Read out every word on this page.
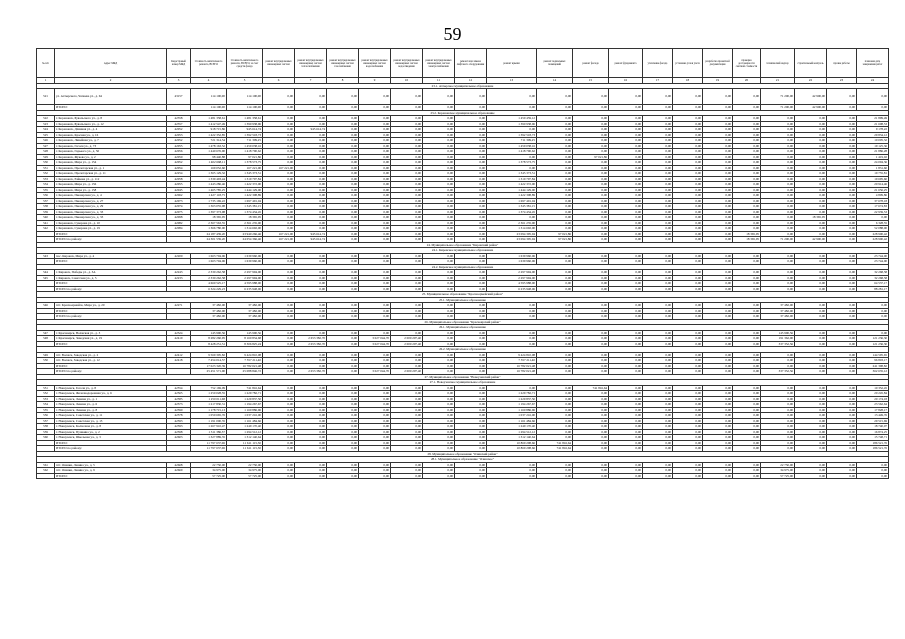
59
№ п/п	Адрес МКД	Кадастровый номер МКД	Стоимость капитального ремонта, ВСЕГО	Стоимость капитального ремонта, ВСЕГО, за счет средств фонда	ремонт внутридомовых инженерных систем	ремонт внутридомовых инженерных систем теплоснабжения	ремонт внутридомовых инженерных систем газоснабжения	ремонт внутридомовых инженерных систем водоснабжения	ремонт внутридомовых инженерных систем водоотведения	ремонт внутридомовых инженерных систем электроснабжения	ремонт или замена лифтового оборудования	ремонт крыши	ремонт подвальных помещений	ремонт фасада	ремонт фундамента	утепление фасада	установка узлов учета	разработка проектной документации	проверка достоверности сметной стоимости	технический надзор	строительный контроль	прочие работы	плановая дата завершения работ
1	2	3	4	5	6	7	8	9	10	11	12	13	14	15	16	17	18	19	20	21	22	23	24
23.1. Ахтырское муниципальное образование																							
521	ул. Ахтырского, Чапаева ул., д. 64	43157	114 100,00	114 100,00	0,00	0,00	0,00	0,00	0,00	0,00	0,00	0,00	0,00	0,00	0,00	0,00	0,00	0,00	0,00	71 200,00	42 900,00	0,00	0,00
	ИТОГО:		114 100,00	114 100,00	0,00	0,00	0,00	0,00	0,00	0,00	0,00	0,00	0,00	0,00	0,00	0,00	0,00	0,00	0,00	71 200,00	42 900,00	0,00	0,00
23.2. Кореновское муниципальное образование																							
522	г. Кореновск, Бувальского ул., д. 8	42358	1 481 358,61	1 481 358,61	0,00	0,00	0,00	0,00	0,00	0,00	0,00	1 459 459,12	0,00	0,00	0,00	0,00	0,00	0,00	0,00	0,00	0,00	0,00	21 899,49
523	г. Кореновск, Бувальского ул., д. 12	42357	1 412 547,49	1 390 938,96	0,00	0,00	0,00	0,00	0,00	0,00	0,00	1 390 938,96	0,00	0,00	0,00	0,00	0,00	0,00	0,00	0,00	0,00	0,00	21 608,53
524	г. Кореновск, Длинная ул., д. 4	42052	918 715,86	945 614,74	0,00	945 614,74	0,00	0,00	0,00	0,00	0,00	0,00	0,00	0,00	0,00	0,00	0,00	0,00	0,00	0,00	0,00	0,00	9 178,22
525	г. Кореновск, Красная ул., д. 16	42053	1 422 352,85	1 392 518,73	0,00	0,00	0,00	0,00	0,00	0,00	0,00	1 392 518,73	0,00	0,00	0,00	0,00	0,00	0,00	0,00	0,00	0,00	0,00	29 834,12
526	г. Кореновск, Линейная ул., д. 7	42052	721 314,54	711 309,25	0,00	0,00	0,00	0,00	0,00	0,00	0,00	711 309,25	0,00	0,00	0,00	0,00	0,00	0,00	0,00	0,00	0,00	0,00	10 005,32
527	г. Кореновск, Гоголя ул., д. 73	42055	1 478 163,52	1 459 038,16	0,00	0,00	0,00	0,00	0,00	0,00	0,00	1 459 038,16	0,00	0,00	0,00	0,00	0,00	0,00	0,00	0,00	0,00	0,00	19 125,36
528	г. Кореновск, Горького ул., д. 50	42056	1 440 676,90	1 418 790,62	0,00	0,00	0,00	0,00	0,00	0,00	0,00	1 418 790,62	0,00	0,00	0,00	0,00	0,00	0,00	0,00	0,00	0,00	0,00	21 886,28
529	г. Кореновск, Жукова ул., д. 2	42050	98 440,88	97 021,86	0,00	0,00	0,00	0,00	0,00	0,00	0,00	0,00	0,00	97 021,86	0,00	0,00	0,00	0,00	0,00	0,00	0,00	0,00	1 419,02
530	г. Кореновск, Мира ул., д. 154	42052	1 402 668,11	1 378 573,75	0,00	0,00	0,00	0,00	0,00	0,00	0,00	1 378 573,75	0,00	0,00	0,00	0,00	0,00	0,00	0,00	0,00	0,00	0,00	24 094,36
531	г. Кореновск, Пролетарская ул., д. 1	42054	169 052,60	167 221,00	167 221,00	0,00	0,00	0,00	0,00	0,00	0,00	0,00	0,00	0,00	0,00	0,00	0,00	0,00	0,00	0,00	0,00	0,00	1 831,60
532	г. Кореновск, Пролетарская ул., д. 11	42254	1 365 129,32	1 345 373,51	0,00	0,00	0,00	0,00	0,00	0,00	0,00	1 345 373,51	0,00	0,00	0,00	0,00	0,00	0,00	0,00	0,00	0,00	0,00	19 755,81
533	г. Кореновск, Райкова ул., д. 112	42058	1 339 493,44	1 319 797,84	0,00	0,00	0,00	0,00	0,00	0,00	0,00	1 319 797,84	0,00	0,00	0,00	0,00	0,00	0,00	0,00	0,00	0,00	0,00	19 695,60
534	г. Кореновск, Мира ул., д. 156	42055	1 443 286,46	1 422 372,00	0,00	0,00	0,00	0,00	0,00	0,00	0,00	1 422 372,00	0,00	0,00	0,00	0,00	0,00	0,00	0,00	0,00	0,00	0,00	20 914,46
535	г. Кореновск, Мира ул., д. 158	42045	1 465 785,25	1 444 129,00	0,00	0,00	0,00	0,00	0,00	0,00	0,00	1 444 129,00	0,00	0,00	0,00	0,00	0,00	0,00	0,00	0,00	0,00	0,00	21 656,25
536	г. Кореновск, Пионерская ул., д. 4	42062	1 427 118,75	1 422 308,89	0,00	0,00	0,00	0,00	0,00	0,00	0,00	1 422 308,89	0,00	0,00	0,00	0,00	0,00	0,00	0,00	0,00	0,00	0,00	4 809,86
537	г. Кореновск, Пионерская ул., д. 27	42073	1 735 169,22	1 697 491,04	0,00	0,00	0,00	0,00	0,00	0,00	0,00	1 697 491,04	0,00	0,00	0,00	0,00	0,00	0,00	0,00	0,00	0,00	0,00	37 678,18
538	г. Кореновск, Пионерская ул., д. 29	42074	1 363 055,98	1 345 381,15	0,00	0,00	0,00	0,00	0,00	0,00	0,00	1 345 381,15	0,00	0,00	0,00	0,00	0,00	0,00	0,00	0,00	0,00	0,00	17 674,83
539	г. Кореновск, Пионерская ул., д. 33	42075	1 397 373,98	1 374 434,45	0,00	0,00	0,00	0,00	0,00	0,00	0,00	1 374 434,45	0,00	0,00	0,00	0,00	0,00	0,00	0,00	0,00	0,00	0,00	22 939,53
540	г. Кореновск, Пионерская ул., д. 33	42098	18 365,95	18 365,95	0,00	0,00	0,00	0,00	0,00	0,00	0,00	0,00	0,00	0,00	0,00	0,00	0,00	0,00	0,00	0,00	18 365,95	0,00	0,00
541	г. Кореновск, Суворова ул., д. 10	42082	2 367 563,55	2 361 235,00	0,00	0,00	0,00	0,00	0,00	0,00	0,00	2 361 235,00	0,00	0,00	0,00	0,00	0,00	0,00	0,00	0,00	0,00	0,00	6 328,55
542	г. Кореновск, Суворова ул., д. 19	42084	1 366 780,00	1 314 692,00	0,00	0,00	0,00	0,00	0,00	0,00	0,00	1 314 692,00	0,00	0,00	0,00	0,00	0,00	0,00	0,00	0,00	0,00	0,00	52 088,00
	ИТОГО:		24 187 439,20	23 940 266,46	167 221,00	945 614,74	0,00	0,00	0,00	0,00	0,00	23 094 395,94	97 021,86	0,00	0,00	0,00	0,00	0,00	18 365,95	0,00	0,00	0,00	228 900,42
	ИТОГО по району:		24 301 539,20	24 054 366,46	167 221,00	945 614,74	0,00	0,00	0,00	0,00	0,00	23 094 395,94	97 021,86	0,00	0,00	0,00	0,00	0,00	18 365,95	71 200,00	42 900,00	0,00	228 900,42
24. Муниципальное образование "Кировский район"																							
24.1. Кировское муниципальное образование																							
543	пос. Кировск, Мира ул., д. 4	42200	1 663 704,06	1 639 960,06	0,00	0,00	0,00	0,00	0,00	0,00	0,00	1 639 960,06	0,00	0,00	0,00	0,00	0,00	0,00	0,00	0,00	0,00	0,00	23 744,00
	ИТОГО:		1 663 704,06	1 639 960,06	0,00	0,00	0,00	0,00	0,00	0,00	0,00	1 639 960,06	0,00	0,00	0,00	0,00	0,00	0,00	0,00	0,00	0,00	0,00	23 744,00
24.2. Кировское муниципальное образование																							
544	г. Кировск, Победы ул., д. 3А	42243	2 330 262,58	2 297 994,00	0,00	0,00	0,00	0,00	0,00	0,00	0,00	2 297 994,00	0,00	0,00	0,00	0,00	0,00	0,00	0,00	0,00	0,00	0,00	32 268,58
545	г. Кировск, Советская ул., д. 5	42233	2 330 262,58	2 297 994,00	0,00	0,00	0,00	0,00	0,00	0,00	0,00	2 297 994,00	0,00	0,00	0,00	0,00	0,00	0,00	0,00	0,00	0,00	0,00	32 268,58
	ИТОГО:		4 660 525,17	4 595 988,00	0,00	0,00	0,00	0,00	0,00	0,00	0,00	4 595 988,00	0,00	0,00	0,00	0,00	0,00	0,00	0,00	0,00	0,00	0,00	64 537,17
	ИТОГО по району:		6 324 229,23	6 235 948,06	0,00	0,00	0,00	0,00	0,00	0,00	0,00	6 235 948,06	0,00	0,00	0,00	0,00	0,00	0,00	0,00	0,00	0,00	0,00	88 281,17
25. Муниципальное образование "Красноармейский район"																							
25.1. Муниципальное образование																							
546	пгт. Красноармейск, Мира ул., д. 20	42271	37 482,00	37 482,00	0,00	0,00	0,00	0,00	0,00	0,00	0,00	0,00	0,00	0,00	0,00	0,00	0,00	0,00	0,00	37 482,00	0,00	0,00	0,00
	ИТОГО:		37 482,00	37 482,00	0,00	0,00	0,00	0,00	0,00	0,00	0,00	0,00	0,00	0,00	0,00	0,00	0,00	0,00	0,00	37 482,00	0,00	0,00	0,00
	ИТОГО по району:		37 482,00	37 482,00	0,00	0,00	0,00	0,00	0,00	0,00	0,00	0,00	0,00	0,00	0,00	0,00	0,00	0,00	0,00	37 482,00	0,00	0,00	0,00
26. Муниципальное образование "Красноярский район"																							
26.1. Муниципальное образование																							
547	г. Красноярск, Волжская ул., д. 3	42324	145 990,56	145 990,56	0,00	0,00	0,00	0,00	0,00	0,00	0,00	0,00	0,00	0,00	0,00	0,00	0,00	0,00	0,00	145 990,56	0,00	0,00	0,00
548	г. Красноярск, Заводская ул., д. 19	42419	8 282 260,95	8 160 834,68	0,00	2 653 382,70	0,00	3 027 044,70	2 000 207,40	0,00	0,00	0,00	0,00	0,00	0,00	0,00	0,00	0,00	0,00	191 362,00	0,00	0,00	121 236,30
	ИТОГО:		8 428 251,51	8 306 825,24	0,00	2 653 382,70	0,00	3 027 044,70	2 000 207,40	0,00	0,00	0,00	0,00	0,00	0,00	0,00	0,00	0,00	0,00	337 352,56	0,00	0,00	121 236,30
26.2. Муниципальное образование																							
549	пгт. Волжск, Заводская ул., д. 2	42412	9 569 305,82	9 424 810,08	0,00	0,00	0,00	0,00	0,00	0,00	0,00	9 424 810,08	0,00	0,00	0,00	0,00	0,00	0,00	0,00	0,00	0,00	0,00	144 595,65
550	пгт. Волжск, Заводская ул., д. 12	42418	7 454 014,57	7 357 211,40	0,00	0,00	0,00	0,00	0,00	0,00	0,00	7 357 211,40	0,00	0,00	0,00	0,00	0,00	0,00	0,00	0,00	0,00	0,00	96 803,17
	ИТОГО:		17 023 320,39	16 782 021,48	0,00	0,00	0,00	0,00	0,00	0,00	0,00	16 782 021,48	0,00	0,00	0,00	0,00	0,00	0,00	0,00	0,00	0,00	0,00	241 398,82
	ИТОГО по району:		25 451 571,90	25 088 846,72	0,00	2 653 382,70	0,00	3 027 044,70	2 000 207,40	0,00	0,00	16 782 021,48	0,00	0,00	0,00	0,00	0,00	0,00	0,00	337 352,56	0,00	0,00	362 635,12
27. Муниципальное образование "Новоузенский район"																							
27.1. Новоузенское муниципальное образование																							
551	г. Новоузенск, Гоголя ул., д. 8	42554	752 169,09	741 816,64	0,00	0,00	0,00	0,00	0,00	0,00	0,00	0,00	0,00	741 816,64	0,00	0,00	0,00	0,00	0,00	0,00	0,00	0,00	10 352,45
552	г. Новоузенск, Железнодорожная ул., д. 6	42565	1 250 028,55	1 229 782,71	0,00	0,00	0,00	0,00	0,00	0,00	0,00	1 229 782,71	0,00	0,00	0,00	0,00	0,00	0,00	0,00	0,00	0,00	0,00	20 245,84
553	г. Новоузенск, Ленина ул., д. 1	42585	1 250 011,68	1 229 837,50	0,00	0,00	0,00	0,00	0,00	0,00	0,00	1 229 837,50	0,00	0,00	0,00	0,00	0,00	0,00	0,00	0,00	0,00	0,00	20 174,18
554	г. Новоузенск, Ленина ул., д. 6	42573	1 217 830,31	1 194 267,67	0,00	0,00	0,00	0,00	0,00	0,00	0,00	1 194 267,67	0,00	0,00	0,00	0,00	0,00	0,00	0,00	0,00	0,00	0,00	23 562,64
555	г. Новоузенск, Ленина ул., д. 8	42590	1 178 715,13	1 160 886,96	0,00	0,00	0,00	0,00	0,00	0,00	0,00	1 160 886,96	0,00	0,00	0,00	0,00	0,00	0,00	0,00	0,00	0,00	0,00	17 828,17
556	г. Новоузенск, Советская ул., д. 11	42578	1 050 665,76	1 037 216,00	0,00	0,00	0,00	0,00	0,00	0,00	0,00	1 037 216,00	0,00	0,00	0,00	0,00	0,00	0,00	0,00	0,00	0,00	0,00	13 449,76
557	г. Новоузенск, Советская ул., д. 13	42593	1 191 000,35	1 161 484,66	0,00	0,00	0,00	0,00	0,00	0,00	0,00	1 161 484,66	0,00	0,00	0,00	0,00	0,00	0,00	0,00	0,00	0,00	0,00	29 515,69
558	г. Новоузенск, Колхозная ул., д. 8	42593	1 267 910,47	1 249 170,40	0,00	0,00	0,00	0,00	0,00	0,00	0,00	1 249 170,40	0,00	0,00	0,00	0,00	0,00	0,00	0,00	0,00	0,00	0,00	18 740,07
559	г. Новоузенск, Пушкина ул., д. 2	42598	1 311 386,37	1 294 512,12	0,00	0,00	0,00	0,00	0,00	0,00	0,00	1 294 512,12	0,00	0,00	0,00	0,00	0,00	0,00	0,00	0,00	0,00	0,00	16 874,25
560	г. Новоузенск, Школьная ул., д. 3	42603	1 327 889,35	1 312 140,64	0,00	0,00	0,00	0,00	0,00	0,00	0,00	1 312 140,64	0,00	0,00	0,00	0,00	0,00	0,00	0,00	0,00	0,00	0,00	15 748,71
	ИТОГО:		11 797 637,06	11 611 115,30	0,00	0,00	0,00	0,00	0,00	0,00	0,00	10 869 298,66	741 816,64	0,00	0,00	0,00	0,00	0,00	0,00	0,00	0,00	0,00	186 521,76
	ИТОГО по району:		11 797 637,06	11 611 115,30	0,00	0,00	0,00	0,00	0,00	0,00	0,00	10 869 298,66	741 816,64	0,00	0,00	0,00	0,00	0,00	0,00	0,00	0,00	0,00	186 521,76
28. Муниципальное образование "Озинский район"																							
28.1. Муниципальное образование "Озинское"																							
561	пгт. Озинки, Ленина ул., д. 5	42668	22 750,00	22 750,00	0,00	0,00	0,00	0,00	0,00	0,00	0,00	0,00	0,00	0,00	0,00	0,00	0,00	0,00	0,00	22 750,00	0,00	0,00	0,00
562	пгт. Озинки, Ленина ул., д. 9	42669	34 975,00	34 975,00	0,00	0,00	0,00	0,00	0,00	0,00	0,00	0,00	0,00	0,00	0,00	0,00	0,00	0,00	0,00	34 975,00	0,00	0,00	0,00
	ИТОГО:		57 725,00	57 725,00	0,00	0,00	0,00	0,00	0,00	0,00	0,00	0,00	0,00	0,00	0,00	0,00	0,00	0,00	0,00	57 725,00	0,00	0,00	0,00
